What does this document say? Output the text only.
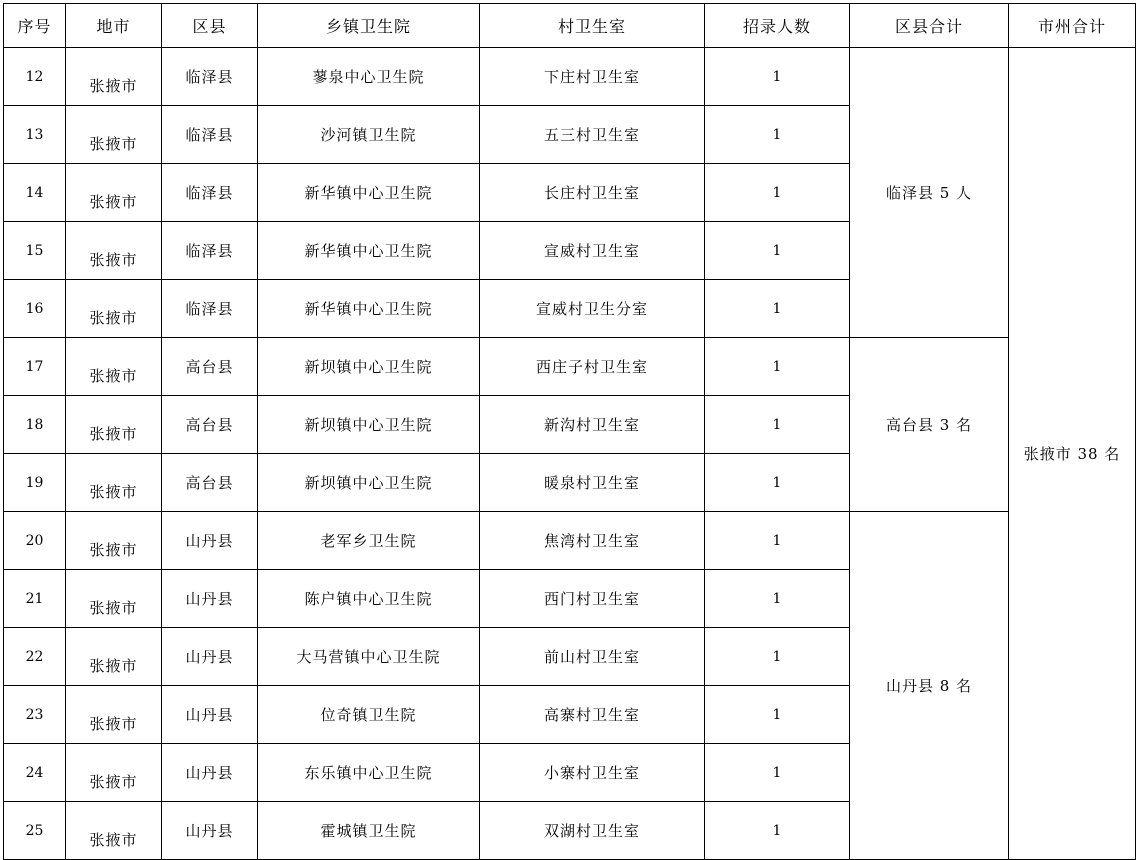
序号	地市	区县	乡镇卫生院	村卫生室	招录人数	区县合计	市州合计
12	张掖市	临泽县	蓼泉中心卫生院	下庄村卫生室	1	临泽县 5 人	张掖市 38 名
13	张掖市	临泽县	沙河镇卫生院	五三村卫生室	1		
14	张掖市	临泽县	新华镇中心卫生院	长庄村卫生室	1		
15	张掖市	临泽县	新华镇中心卫生院	宣威村卫生室	1		
16	张掖市	临泽县	新华镇中心卫生院	宣威村卫生分室	1		
17	张掖市	高台县	新坝镇中心卫生院	西庄子村卫生室	1	高台县 3 名	
18	张掖市	高台县	新坝镇中心卫生院	新沟村卫生室	1		
19	张掖市	高台县	新坝镇中心卫生院	暖泉村卫生室	1		
20	张掖市	山丹县	老军乡卫生院	焦湾村卫生室	1	山丹县 8 名	
21	张掖市	山丹县	陈户镇中心卫生院	西门村卫生室	1		
22	张掖市	山丹县	大马营镇中心卫生院	前山村卫生室	1		
23	张掖市	山丹县	位奇镇卫生院	高寨村卫生室	1		
24	张掖市	山丹县	东乐镇中心卫生院	小寨村卫生室	1		
25	张掖市	山丹县	霍城镇卫生院	双湖村卫生室	1		
